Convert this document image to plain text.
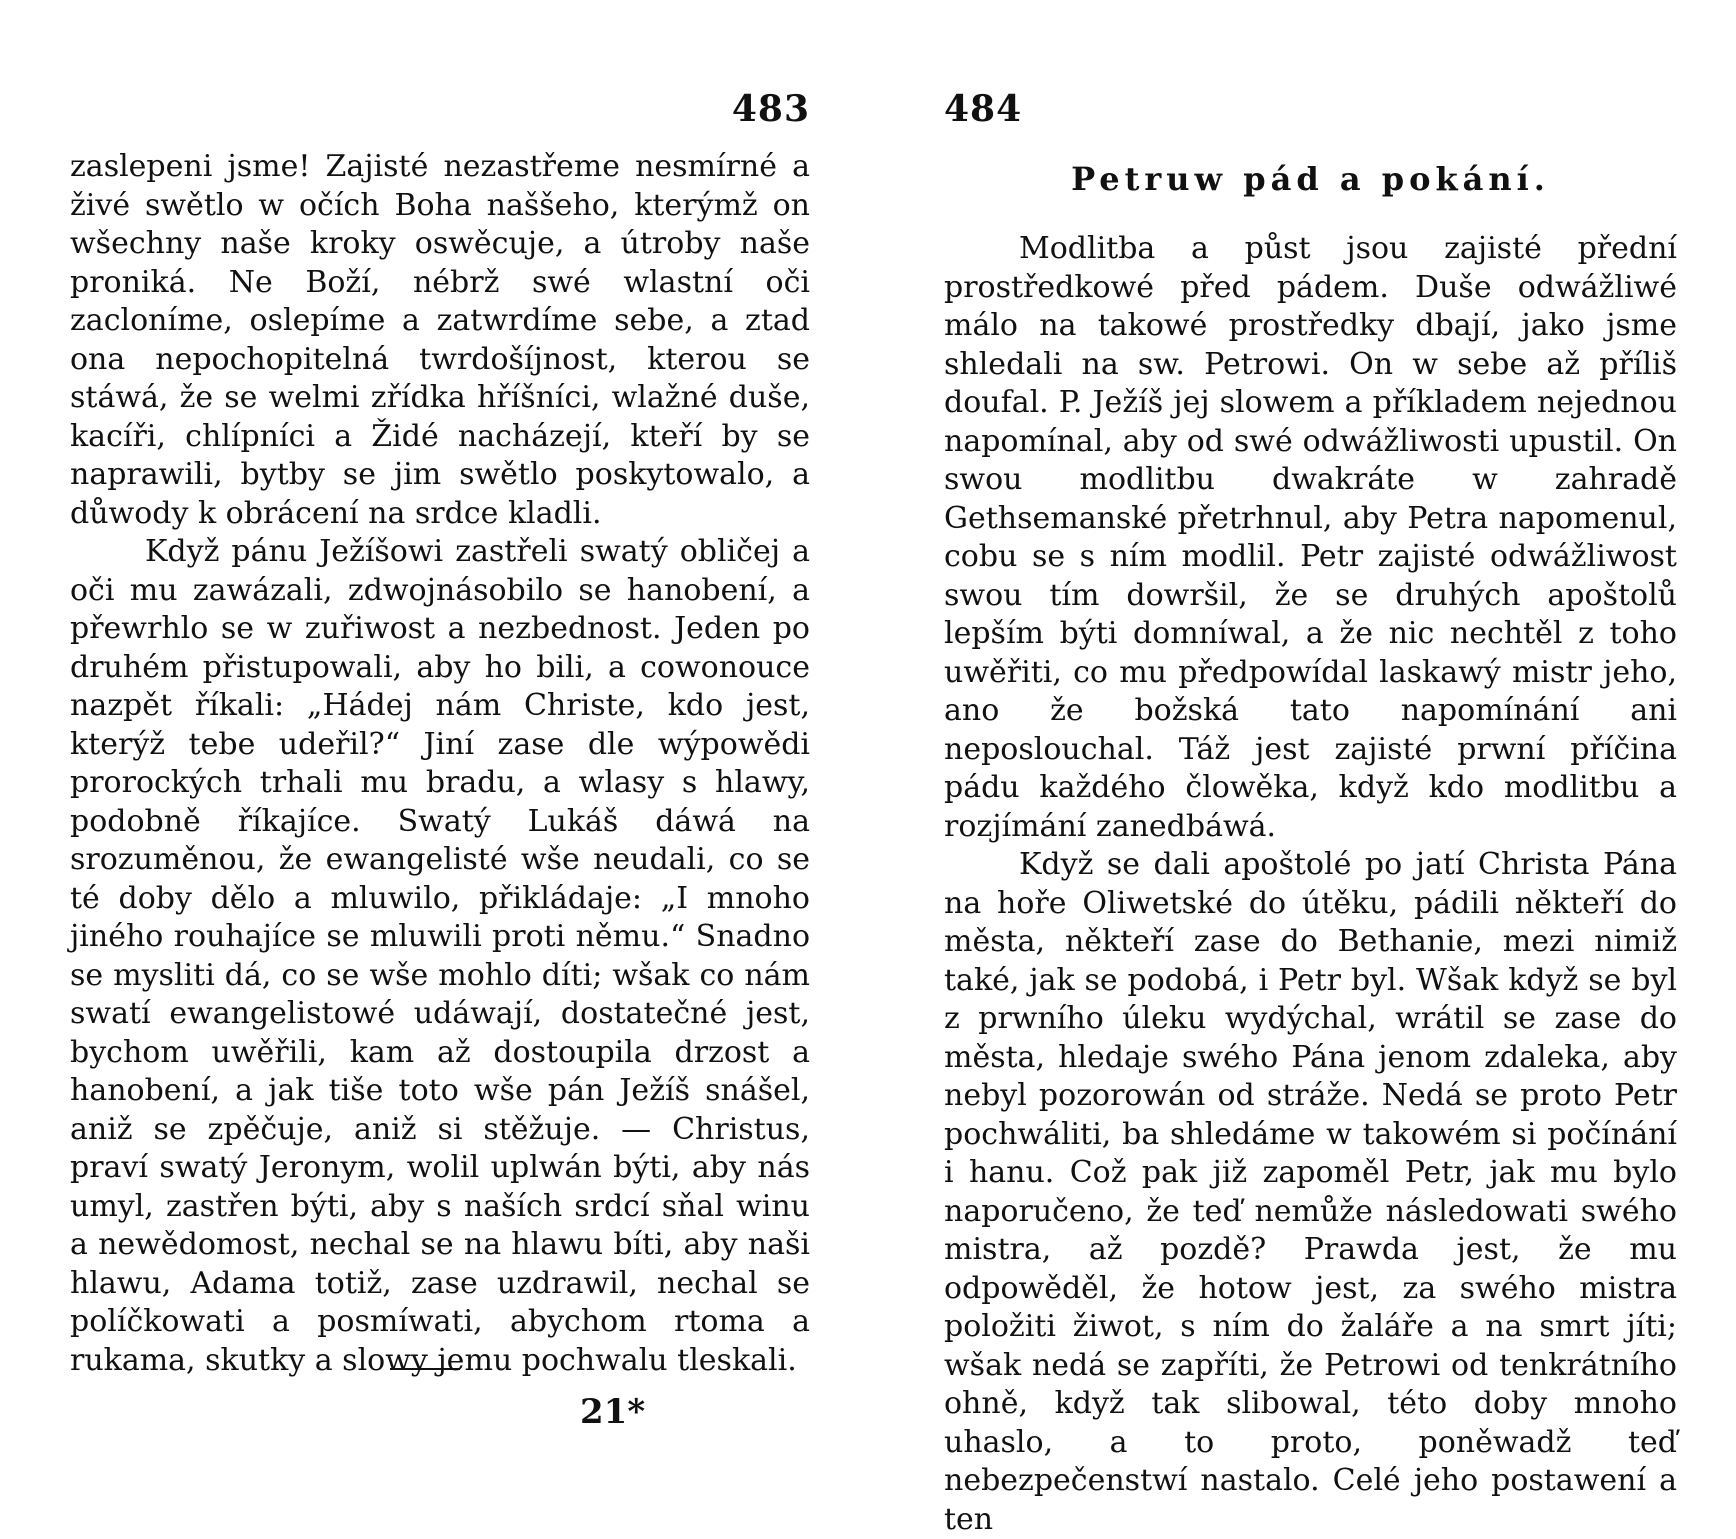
483

zaslepeni jsme! Zajisté nezastřeme nesmírné a živé swětlo w očích Boha naššeho, kterýmž on wšechny naše kroky oswěcuje, a útroby naše proniká. Ne Boží, nébrž swé wlastní oči zacloníme, oslepíme a zatwrdíme sebe, a ztad ona nepochopitelná twrdošíjnost, kterou se stáwá, že se welmi zřídka hříšníci, wlažné duše, kacíři, chlípníci a Židé nacházejí, kteří by se naprawili, bytby se jim swětlo poskytowalo, a důwody k obrácení na srdce kladli.

Když pánu Ježíšowi zastřeli swatý obličej a oči mu zawázali, zdwojnásobilo se hanobení, a přewrhlo se w zuřiwost a nezbednost. Jeden po druhém přistupowali, aby ho bili, a cowonouce nazpět říkali: „Hádej nám Christe, kdo jest, kterýž tebe udeřil?“ Jiní zase dle wýpowědi prorockých trhali mu bradu, a wlasy s hlawy, podobně říkajíce. Swatý Lukáš dáwá na srozuměnou, že ewangelisté wše neudali, co se té doby dělo a mluwilo, přikládaje: „I mnoho jiného rouhajíce se mluwili proti němu.“ Snadno se mysliti dá, co se wše mohlo díti; wšak co nám swatí ewangelistowé udáwají, dostatečné jest, bychom uwěřili, kam až dostoupila drzost a hanobení, a jak tiše toto wše pán Ježíš snášel, aniž se zpěčuje, aniž si stěžuje. — Christus, praví swatý Jeronym, wolil uplwán býti, aby nás umyl, zastřen býti, aby s naších srdcí sňal winu a newědomost, nechal se na hlawu bíti, aby naši hlawu, Adama totiž, zase uzdrawil, nechal se políčkowati a posmíwati, abychom rtoma a rukama, skutky a slowy jemu pochwalu tleskali.

21*
484
Petruw pád a pokání.

Modlitba a půst jsou zajisté přední prostředkowé před pádem. Duše odwážliwé málo na takowé prostředky dbají, jako jsme shledali na sw. Petrowi. On w sebe až příliš doufal. P. Ježíš jej slowem a příkladem nejednou napomínal, aby od swé odwážliwosti upustil. On swou modlitbu dwakráte w zahradě Gethsemanské přetrhnul, aby Petra napomenul, cobu se s ním modlil. Petr zajisté odwážliwost swou tím dowršil, že se druhých apoštolů lepším býti domníwal, a že nic nechtěl z toho uwěřiti, co mu předpowídal laskawý mistr jeho, ano že božská tato napomínání ani neposlouchal. Táž jest zajisté prwní příčina pádu každého člowěka, když kdo modlitbu a rozjímání zanedbáwá.

Když se dali apoštolé po jatí Christa Pána na hoře Oliwetské do útěku, pádili někteří do města, někteří zase do Bethanie, mezi nimiž také, jak se podobá, i Petr byl. Wšak když se byl z prwního úleku wydýchal, wrátil se zase do města, hledaje swého Pána jenom zdaleka, aby nebyl pozorowán od stráže. Nedá se proto Petr pochwáliti, ba shledáme w takowém si počínání i hanu. Což pak již zapoměl Petr, jak mu bylo naporučeno, že teď nemůže následowati swého mistra, až pozdě? Prawda jest, že mu odpowěděl, že hotow jest, za swého mistra položiti žiwot, s ním do žaláře a na smrt jíti; wšak nedá se zapříti, že Petrowi od tenkrátního ohně, když tak slibowal, této doby mnoho uhaslo, a to proto, poněwadž teď nebezpečenstwí nastalo. Celé jeho postawení a ten
